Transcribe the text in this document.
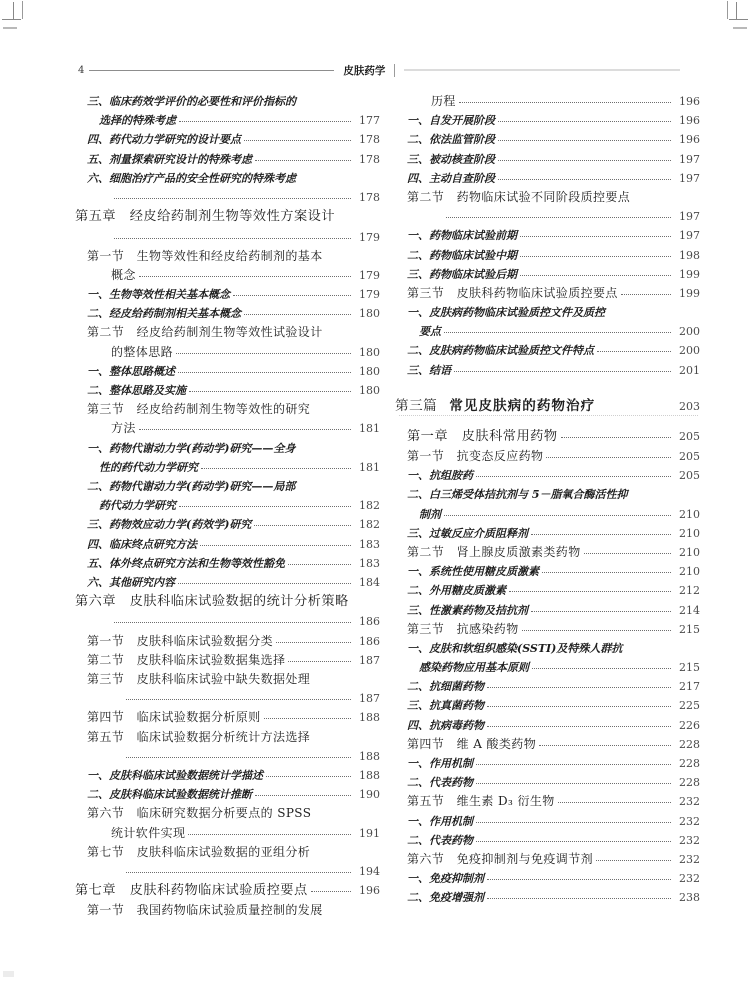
4	皮肤药学
三、临床药效学评价的必要性和评价指标的
选择的特殊考虑	177
四、药代动力学研究的设计要点	178
五、剂量探索研究设计的特殊考虑	178
六、细胞治疗产品的安全性研究的特殊考虑
178
第五章　经皮给药制剂生物等效性方案设计
179
第一节　生物等效性和经皮给药制剂的基本
概念	179
一、生物等效性相关基本概念	179
二、经皮给药制剂相关基本概念	180
第二节　经皮给药制剂生物等效性试验设计
的整体思路	180
一、整体思路概述	180
二、整体思路及实施	180
第三节　经皮给药制剂生物等效性的研究
方法	181
一、药物代谢动力学(药动学)研究——全身
性的药代动力学研究	181
二、药物代谢动力学(药动学)研究——局部
药代动力学研究	182
三、药物效应动力学(药效学)研究	182
四、临床终点研究方法	183
五、体外终点研究方法和生物等效性豁免	183
六、其他研究内容	184
第六章　皮肤科临床试验数据的统计分析策略
186
第一节　皮肤科临床试验数据分类	186
第二节　皮肤科临床试验数据集选择	187
第三节　皮肤科临床试验中缺失数据处理
187
第四节　临床试验数据分析原则	188
第五节　临床试验数据分析统计方法选择
188
一、皮肤科临床试验数据统计学描述	188
二、皮肤科临床试验数据统计推断	190
第六节　临床研究数据分析要点的 SPSS
统计软件实现	191
第七节　皮肤科临床试验数据的亚组分析
194
第七章　皮肤科药物临床试验质控要点	196
第一节　我国药物临床试验质量控制的发展
历程	196
一、自发开展阶段	196
二、依法监管阶段	196
三、被动核查阶段	197
四、主动自查阶段	197
第二节　药物临床试验不同阶段质控要点
197
一、药物临床试验前期	197
二、药物临床试验中期	198
三、药物临床试验后期	199
第三节　皮肤科药物临床试验质控要点	199
一、皮肤病药物临床试验质控文件及质控
要点	200
二、皮肤病药物临床试验质控文件特点	200
三、结语	201
第三篇 常见皮肤病的药物治疗	203
第一章　皮肤科常用药物	205
第一节　抗变态反应药物	205
一、抗组胺药	205
二、白三烯受体拮抗剂与 5－脂氧合酶活性抑
制剂	210
三、过敏反应介质阻释剂	210
第二节　肾上腺皮质激素类药物	210
一、系统性使用糖皮质激素	210
二、外用糖皮质激素	212
三、性激素药物及拮抗剂	214
第三节　抗感染药物	215
一、皮肤和软组织感染(SSTI)及特殊人群抗
感染药物应用基本原则	215
二、抗细菌药物	217
三、抗真菌药物	225
四、抗病毒药物	226
第四节　维 A 酸类药物	228
一、作用机制	228
二、代表药物	228
第五节　维生素 D₃ 衍生物	232
一、作用机制	232
二、代表药物	232
第六节　免疫抑制剂与免疫调节剂	232
一、免疫抑制剂	232
二、免疫增强剂	238
